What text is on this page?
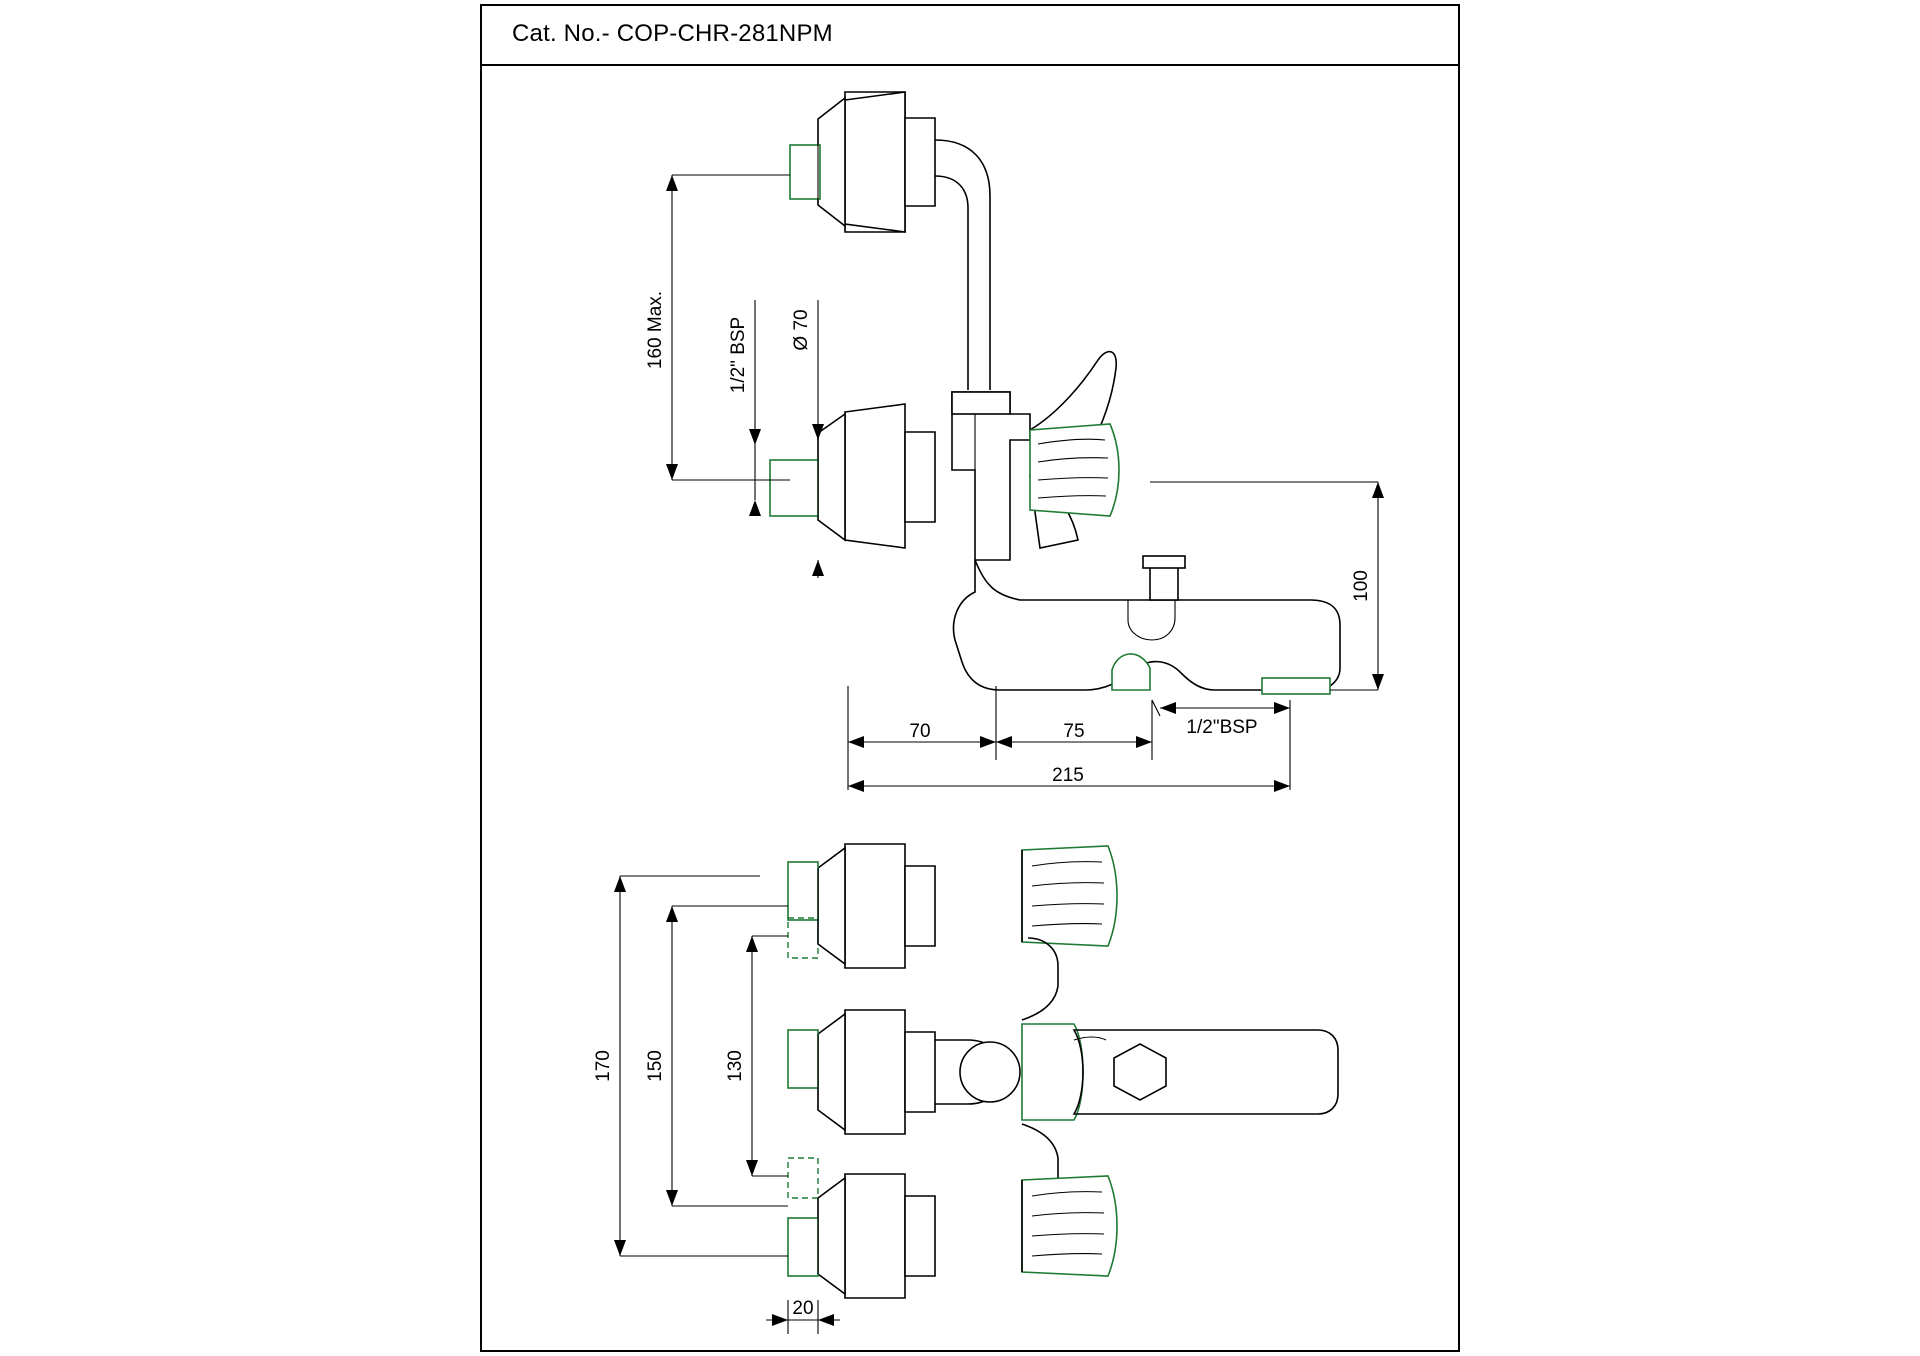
Cat. No.- COP-CHR-281NPM
160 Max.	1/2" BSP Ø 70
100
70	75	1/2"BSP
215
170 150	130
20
